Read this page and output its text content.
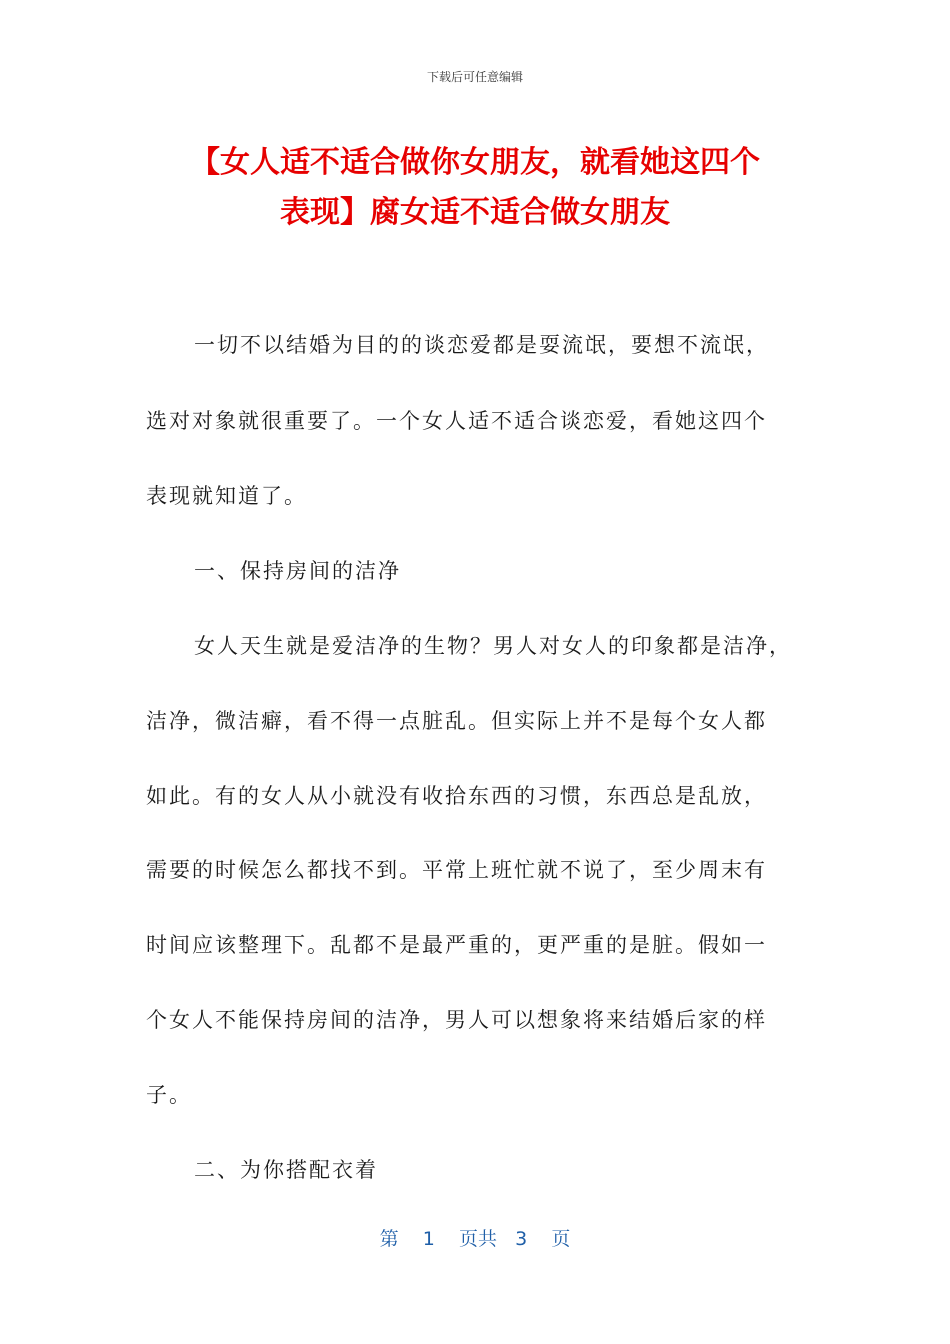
下载后可任意编辑
【女人适不适合做你女朋友，就看她这四个
表现】腐女适不适合做女朋友
一切不以结婚为目的的谈恋爱都是耍流氓，要想不流氓，
选对对象就很重要了。一个女人适不适合谈恋爱，看她这四个
表现就知道了。
一、保持房间的洁净
女人天生就是爱洁净的生物？男人对女人的印象都是洁净，
洁净，微洁癖，看不得一点脏乱。但实际上并不是每个女人都
如此。有的女人从小就没有收拾东西的习惯，东西总是乱放，
需要的时候怎么都找不到。平常上班忙就不说了，至少周末有
时间应该整理下。乱都不是最严重的，更严重的是脏。假如一
个女人不能保持房间的洁净，男人可以想象将来结婚后家的样
子。
二、为你搭配衣着
第 1 页共 3 页
